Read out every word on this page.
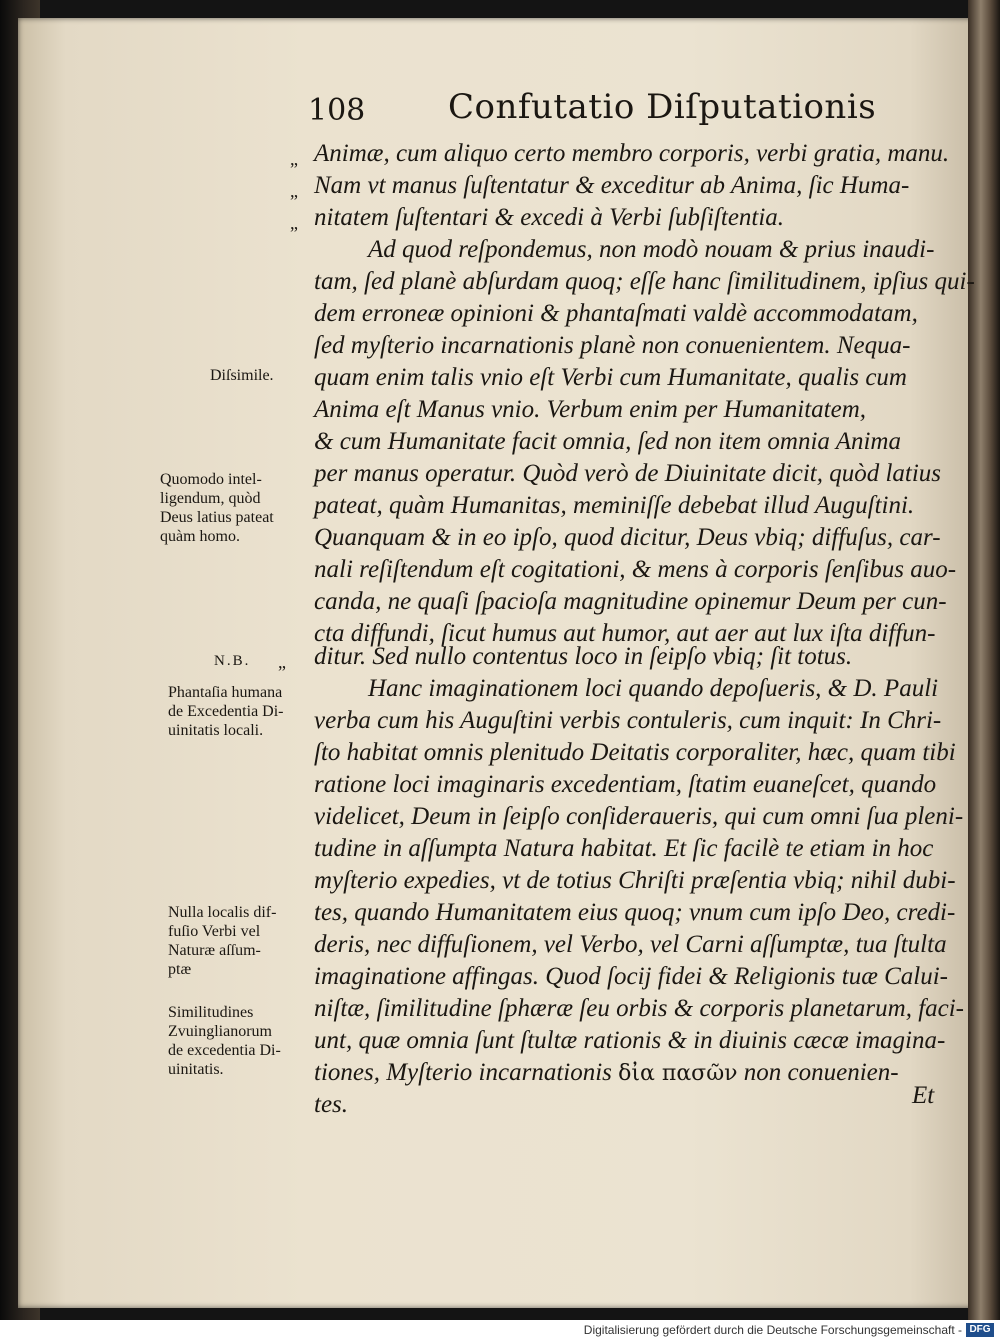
108 Confutatio Diſputationis
„
„
„
„
Animæ, cum aliquo certo membro corporis, verbi gratia, manu.
Nam vt manus ſuſtentatur & exceditur ab Anima, ſic Huma-
nitatem ſuſtentari & excedi à Verbi ſubſiſtentia.
Ad quod reſpondemus, non modò nouam & prius inaudi-
tam, ſed planè abſurdam quoq; eſſe hanc ſimilitudinem, ipſius qui-
dem erroneæ opinioni & phantaſmati valdè accommodatam,
ſed myſterio incarnationis planè non conuenientem. Nequa-
quam enim talis vnio eſt Verbi cum Humanitate, qualis cum
Anima eſt Manus vnio. Verbum enim per Humanitatem,
& cum Humanitate facit omnia, ſed non item omnia Anima
per manus operatur. Quòd verò de Diuinitate dicit, quòd latius
pateat, quàm Humanitas, meminiſſe debebat illud Auguſtini.
Quanquam & in eo ipſo, quod dicitur, Deus vbiq; diffuſus, car-
nali reſiſtendum eſt cogitationi, & mens à corporis ſenſibus auo-
canda, ne quaſi ſpacioſa magnitudine opinemur Deum per cun-
cta diffundi, ſicut humus aut humor, aut aer aut lux iſta diffun-
ditur. Sed nullo contentus loco in ſeipſo vbiq; ſit totus.
Hanc imaginationem loci quando depoſueris, & D. Pauli
verba cum his Auguſtini verbis contuleris, cum inquit: In Chri-
ſto habitat omnis plenitudo Deitatis corporaliter, hæc, quam tibi
ratione loci imaginaris excedentiam, ſtatim euaneſcet, quando
videlicet, Deum in ſeipſo conſideraueris, qui cum omni ſua pleni-
tudine in aſſumpta Natura habitat. Et ſic facilè te etiam in hoc
myſterio expedies, vt de totius Chriſti præſentia vbiq; nihil dubi-
tes, quando Humanitatem eius quoq; vnum cum ipſo Deo, credi-
deris, nec diffuſionem, vel Verbo, vel Carni aſſumptæ, tua ſtulta
imaginatione affingas. Quod ſocij fidei & Religionis tuæ Calui-
niſtæ, ſimilitudine ſphæræ ſeu orbis & corporis planetarum, faci-
unt, quæ omnia ſunt ſtultæ rationis & in diuinis cæcæ imagina-
tiones, Myſterio incarnationis δἰα πασῶν non conuenien-
tes.	Et
Diſsimile.
Quomodo intel-
ligendum, quòd
Deus latius pateat
quàm homo.
N.B.
Phantaſia humana
de Excedentia Di-
uinitatis locali.
Nulla localis dif-
fuſio Verbi vel
Naturæ aſſum-
ptæ
Similitudines
Zvuinglianorum
de excedentia Di-
uinitatis.
Digitalisierung gefördert durch die Deutsche Forschungsgemeinschaft - DFG
